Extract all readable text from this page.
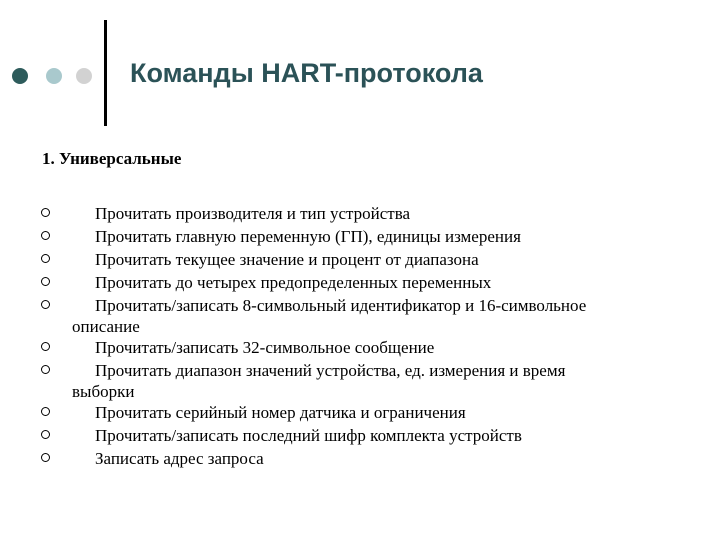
Команды HART-протокола
1. Универсальные
Прочитать производителя и тип устройства
Прочитать главную переменную (ГП), единицы измерения
Прочитать текущее значение и процент от диапазона
Прочитать до четырех предопределенных переменных
Прочитать/записать 8-символьный идентификатор и 16-символьное
описание
Прочитать/записать 32-символьное сообщение
Прочитать диапазон значений устройства, ед. измерения и время
выборки
Прочитать серийный номер датчика и ограничения
Прочитать/записать последний шифр комплекта устройств
Записать адрес запроса
